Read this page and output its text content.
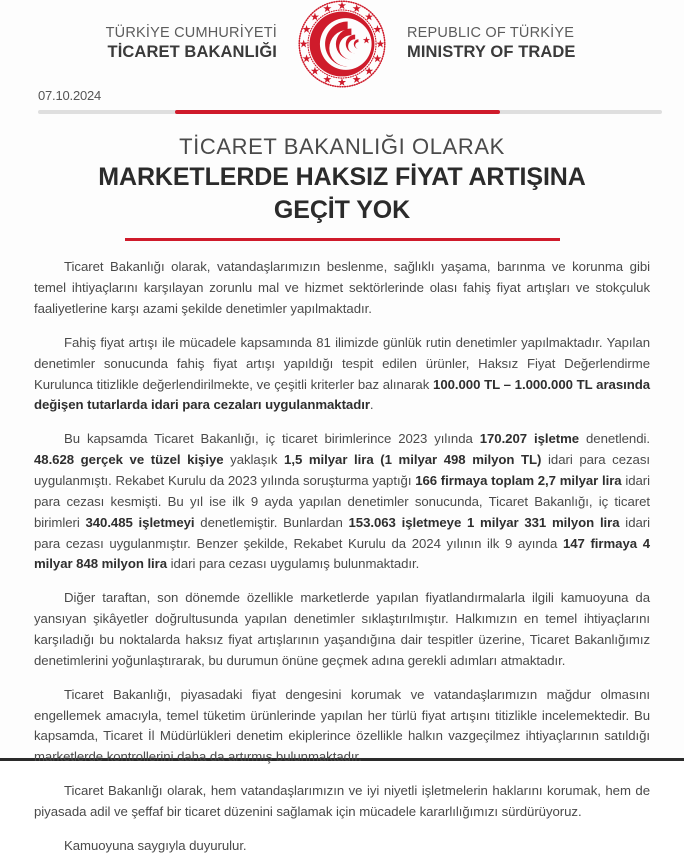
TÜRKİYE CUMHURİYETİ
TİCARET BAKANLIĞI
REPUBLIC OF TÜRKİYE
MINISTRY OF TRADE
07.10.2024
TİCARET BAKANLIĞI OLARAK
MARKETLERDE HAKSIZ FİYAT ARTIŞINA
GEÇİT YOK

Ticaret Bakanlığı olarak, vatandaşlarımızın beslenme, sağlıklı yaşama, barınma ve korunma gibi temel ihtiyaçlarını karşılayan zorunlu mal ve hizmet sektörlerinde olası fahiş fiyat artışları ve stokçuluk faaliyetlerine karşı azami şekilde denetimler yapılmaktadır.

Fahiş fiyat artışı ile mücadele kapsamında 81 ilimizde günlük rutin denetimler yapılmaktadır. Yapılan denetimler sonucunda fahiş fiyat artışı yapıldığı tespit edilen ürünler, Haksız Fiyat Değerlendirme Kurulunca titizlikle değerlendirilmekte, ve çeşitli kriterler baz alınarak 100.000 TL – 1.000.000 TL arasında değişen tutarlarda idari para cezaları uygulanmaktadır.

Bu kapsamda Ticaret Bakanlığı, iç ticaret birimlerince 2023 yılında 170.207 işletme denetlendi. 48.628 gerçek ve tüzel kişiye yaklaşık 1,5 milyar lira (1 milyar 498 milyon TL) idari para cezası uygulanmıştı. Rekabet Kurulu da 2023 yılında soruşturma yaptığı 166 firmaya toplam 2,7 milyar lira idari para cezası kesmişti. Bu yıl ise ilk 9 ayda yapılan denetimler sonucunda, Ticaret Bakanlığı, iç ticaret birimleri 340.485 işletmeyi denetlemiştir. Bunlardan 153.063 işletmeye 1 milyar 331 milyon lira idari para cezası uygulanmıştır. Benzer şekilde, Rekabet Kurulu da 2024 yılının ilk 9 ayında 147 firmaya 4 milyar 848 milyon lira idari para cezası uygulamış bulunmaktadır.

Diğer taraftan, son dönemde özellikle marketlerde yapılan fiyatlandırmalarla ilgili kamuoyuna da yansıyan şikâyetler doğrultusunda yapılan denetimler sıklaştırılmıştır. Halkımızın en temel ihtiyaçlarını karşıladığı bu noktalarda haksız fiyat artışlarının yaşandığına dair tespitler üzerine, Ticaret Bakanlığımız denetimlerini yoğunlaştırarak, bu durumun önüne geçmek adına gerekli adımları atmaktadır.

Ticaret Bakanlığı, piyasadaki fiyat dengesini korumak ve vatandaşlarımızın mağdur olmasını engellemek amacıyla, temel tüketim ürünlerinde yapılan her türlü fiyat artışını titizlikle incelemektedir. Bu kapsamda, Ticaret İl Müdürlükleri denetim ekiplerince özellikle halkın vazgeçilmez ihtiyaçlarının satıldığı marketlerde kontrollerini daha da artırmış bulunmaktadır.

Ticaret Bakanlığı olarak, hem vatandaşlarımızın ve iyi niyetli işletmelerin haklarını korumak, hem de piyasada adil ve şeffaf bir ticaret düzenini sağlamak için mücadele kararlılığımızı sürdürüyoruz.

Kamuoyuna saygıyla duyurulur.
